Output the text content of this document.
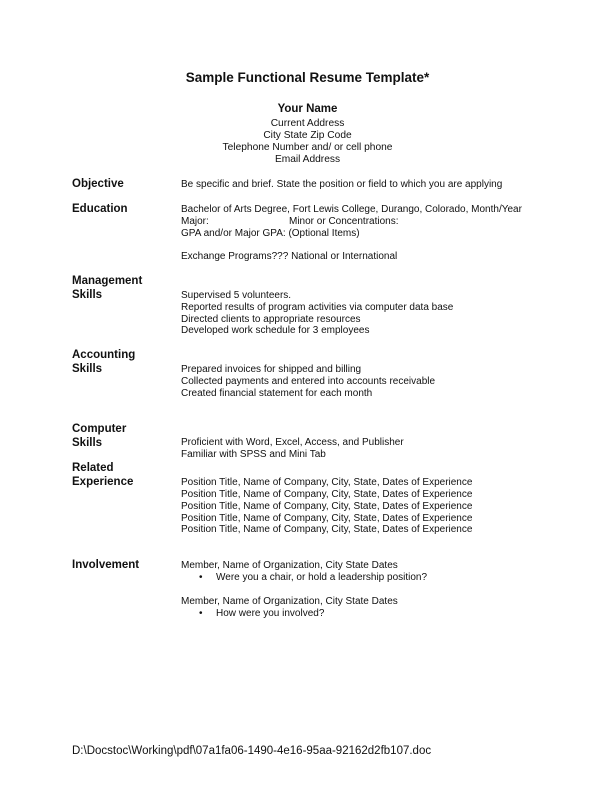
Sample Functional Resume Template*
Your Name
Current Address
City State Zip Code
Telephone Number and/ or cell phone
Email Address
Objective	Be specific and brief. State the position or field to which you are applying
Education	Bachelor of Arts Degree, Fort Lewis College, Durango, Colorado, Month/Year
Major:	Minor or Concentrations:
GPA and/or Major GPA: (Optional Items)
Exchange Programs??? National or International
Management
Skills	Supervised 5 volunteers.
Reported results of program activities via computer data base
Directed clients to appropriate resources
Developed work schedule for 3 employees
Accounting
Skills	Prepared invoices for shipped and billing
Collected payments and entered into accounts receivable
Created financial statement for each month
Computer
Skills	Proficient with Word, Excel, Access, and Publisher
Familiar with SPSS and Mini Tab
Related
Experience	Position Title, Name of Company, City, State, Dates of Experience
Position Title, Name of Company, City, State, Dates of Experience
Position Title, Name of Company, City, State, Dates of Experience
Position Title, Name of Company, City, State, Dates of Experience
Position Title, Name of Company, City, State, Dates of Experience
Involvement	Member, Name of Organization, City State Dates
• Were you a chair, or hold a leadership position?
Member, Name of Organization, City State Dates
• How were you involved?
D:\Docstoc\Working\pdf\07a1fa06-1490-4e16-95aa-92162d2fb107.doc
